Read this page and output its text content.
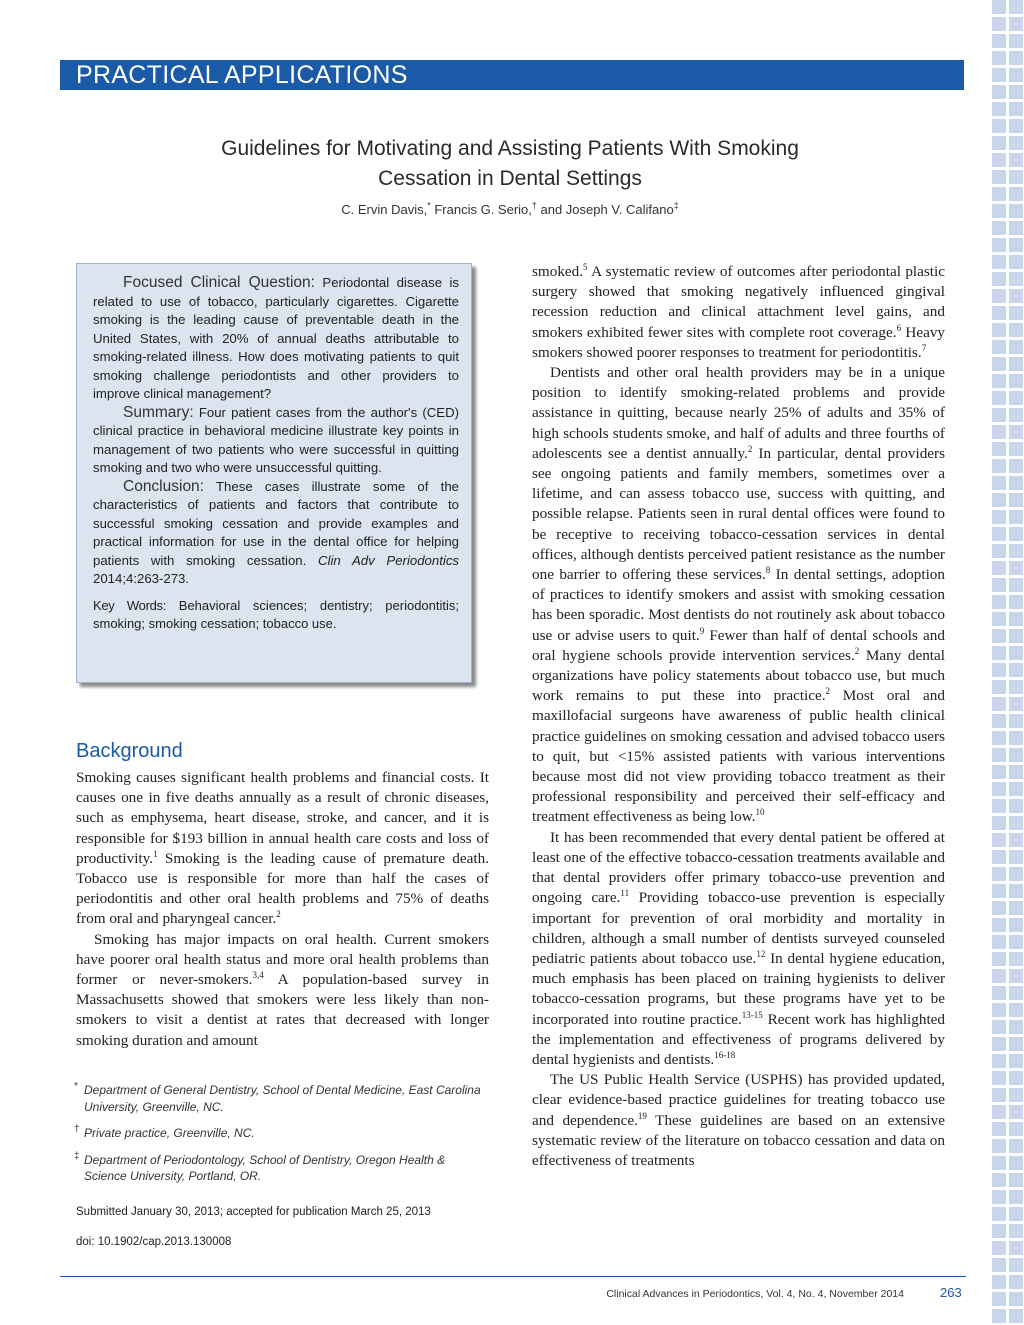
PRACTICAL APPLICATIONS
Guidelines for Motivating and Assisting Patients With Smoking
Cessation in Dental Settings
C. Ervin Davis,* Francis G. Serio,† and Joseph V. Califano‡

Focused Clinical Question: Periodontal disease is related to use of tobacco, particularly cigarettes. Cigarette smoking is the leading cause of preventable death in the United States, with 20% of annual deaths attributable to smoking-related illness. How does motivating patients to quit smoking challenge periodontists and other providers to improve clinical management?

Summary: Four patient cases from the author's (CED) clinical practice in behavioral medicine illustrate key points in management of two patients who were successful in quitting smoking and two who were unsuccessful quitting.

Conclusion: These cases illustrate some of the characteristics of patients and factors that contribute to successful smoking cessation and provide examples and practical information for use in the dental office for helping patients with smoking cessation. Clin Adv Periodontics 2014;4:263-273.

Key Words: Behavioral sciences; dentistry; periodontitis; smoking; smoking cessation; tobacco use.

Background

Smoking causes significant health problems and financial costs. It causes one in five deaths annually as a result of chronic diseases, such as emphysema, heart disease, stroke, and cancer, and it is responsible for $193 billion in annual health care costs and loss of productivity.$^1$ Smoking is the leading cause of premature death. Tobacco use is responsible for more than half the cases of periodontitis and other oral health problems and 75% of deaths from oral and pharyngeal cancer.$^2$

Smoking has major impacts on oral health. Current smokers have poorer oral health status and more oral health problems than former or never-smokers.$^{3,4}$ A population-based survey in Massachusetts showed that smokers were less likely than non-smokers to visit a dentist at rates that decreased with longer smoking duration and amount

smoked.$^5$ A systematic review of outcomes after periodontal plastic surgery showed that smoking negatively influenced gingival recession reduction and clinical attachment level gains, and smokers exhibited fewer sites with complete root coverage.$^6$ Heavy smokers showed poorer responses to treatment for periodontitis.$^7$

Dentists and other oral health providers may be in a unique position to identify smoking-related problems and provide assistance in quitting, because nearly 25% of adults and 35% of high schools students smoke, and half of adults and three fourths of adolescents see a dentist annually.$^2$ In particular, dental providers see ongoing patients and family members, sometimes over a lifetime, and can assess tobacco use, success with quitting, and possible relapse. Patients seen in rural dental offices were found to be receptive to receiving tobacco-cessation services in dental offices, although dentists perceived patient resistance as the number one barrier to offering these services.$^8$ In dental settings, adoption of practices to identify smokers and assist with smoking cessation has been sporadic. Most dentists do not routinely ask about tobacco use or advise users to quit.$^9$ Fewer than half of dental schools and oral hygiene schools provide intervention services.$^2$ Many dental organizations have policy statements about tobacco use, but much work remains to put these into practice.$^2$ Most oral and maxillofacial surgeons have awareness of public health clinical practice guidelines on smoking cessation and advised tobacco users to quit, but <15% assisted patients with various interventions because most did not view providing tobacco treatment as their professional responsibility and perceived their self-efficacy and treatment effectiveness as being low.$^{10}$

It has been recommended that every dental patient be offered at least one of the effective tobacco-cessation treatments available and that dental providers offer primary tobacco-use prevention and ongoing care.$^{11}$ Providing tobacco-use prevention is especially important for prevention of oral morbidity and mortality in children, although a small number of dentists surveyed counseled pediatric patients about tobacco use.$^{12}$ In dental hygiene education, much emphasis has been placed on training hygienists to deliver tobacco-cessation programs, but these programs have yet to be incorporated into routine practice.$^{13-15}$ Recent work has highlighted the implementation and effectiveness of programs delivered by dental hygienists and dentists.$^{16-18}$

The US Public Health Service (USPHS) has provided updated, clear evidence-based practice guidelines for treating tobacco use and dependence.$^{19}$ These guidelines are based on an extensive systematic review of the literature on tobacco cessation and data on effectiveness of treatments

* Department of General Dentistry, School of Dental Medicine, East Carolina University, Greenville, NC.
† Private practice, Greenville, NC.
‡ Department of Periodontology, School of Dentistry, Oregon Health & Science University, Portland, OR.
Submitted January 30, 2013; accepted for publication March 25, 2013
doi: 10.1902/cap.2013.130008
Clinical Advances in Periodontics, Vol. 4, No. 4, November 2014	263
